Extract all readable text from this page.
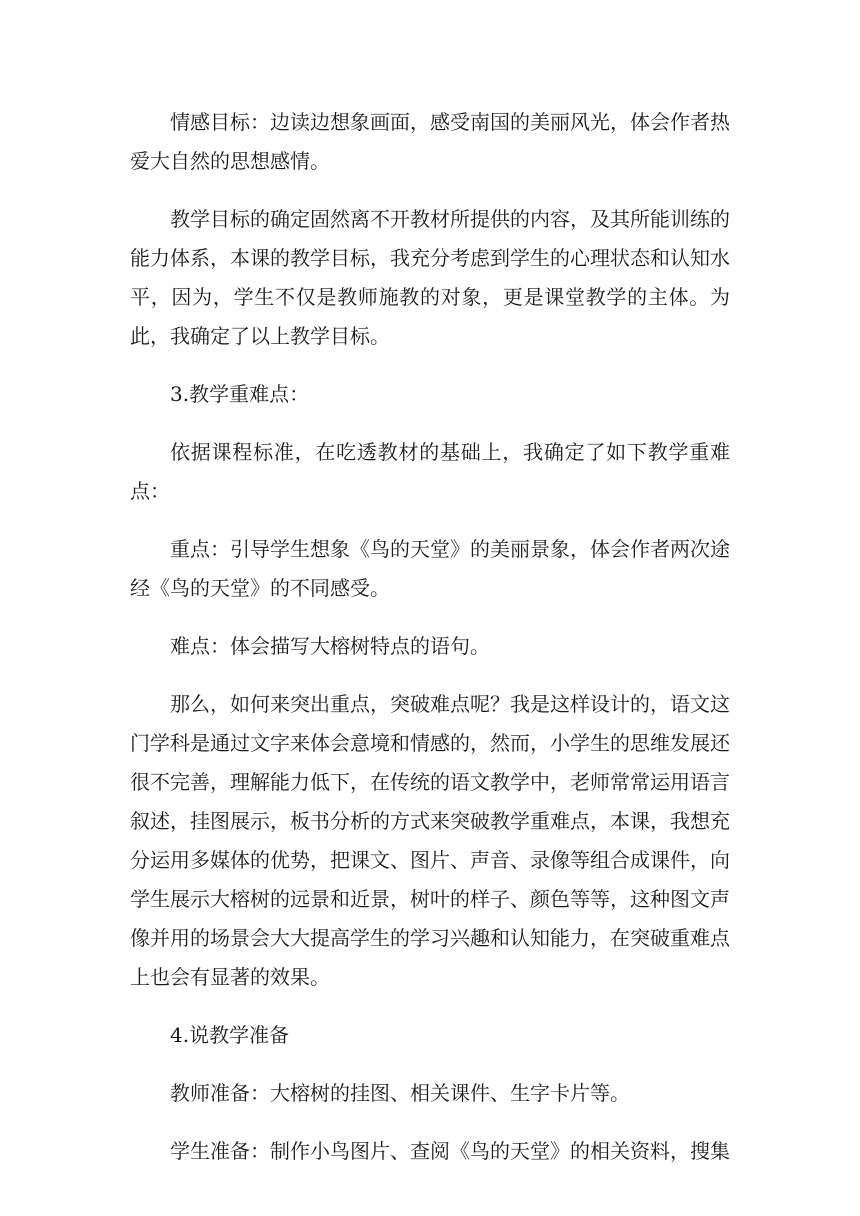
情感目标：边读边想象画面，感受南国的美丽风光，体会作者热爱大自然的思想感情。

教学目标的确定固然离不开教材所提供的内容，及其所能训练的能力体系，本课的教学目标，我充分考虑到学生的心理状态和认知水平，因为，学生不仅是教师施教的对象，更是课堂教学的主体。为此，我确定了以上教学目标。

3.教学重难点：

依据课程标准，在吃透教材的基础上，我确定了如下教学重难点：

重点：引导学生想象《鸟的天堂》的美丽景象，体会作者两次途经《鸟的天堂》的不同感受。

难点：体会描写大榕树特点的语句。

那么，如何来突出重点，突破难点呢？我是这样设计的，语文这门学科是通过文字来体会意境和情感的，然而，小学生的思维发展还很不完善，理解能力低下，在传统的语文教学中，老师常常运用语言叙述，挂图展示，板书分析的方式来突破教学重难点，本课，我想充分运用多媒体的优势，把课文、图片、声音、录像等组合成课件，向学生展示大榕树的远景和近景，树叶的样子、颜色等等，这种图文声像并用的场景会大大提高学生的学习兴趣和认知能力，在突破重难点上也会有显著的效果。

4.说教学准备

教师准备：大榕树的挂图、相关课件、生字卡片等。

学生准备：制作小鸟图片、查阅《鸟的天堂》的相关资料，搜集
